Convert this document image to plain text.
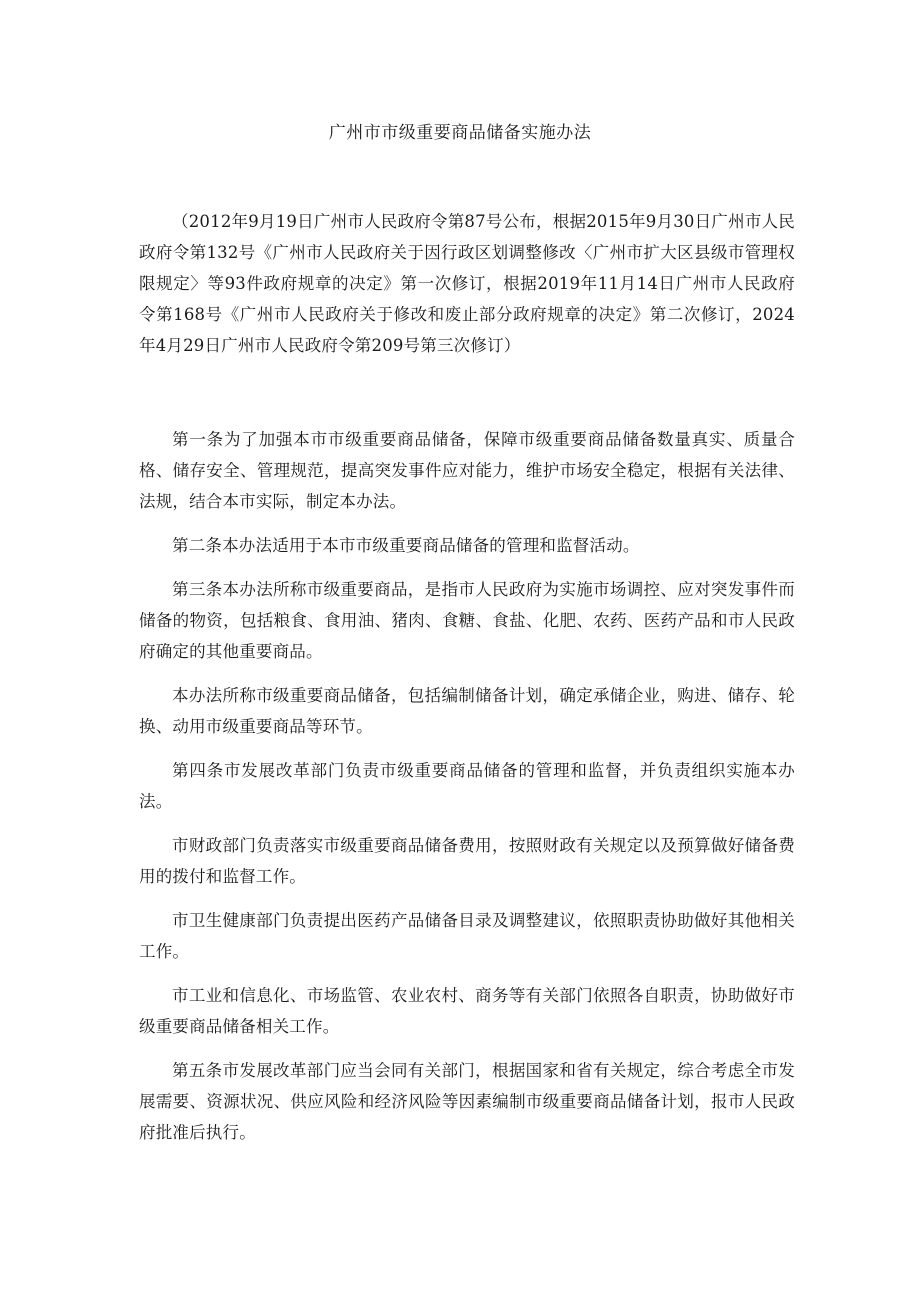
广州市市级重要商品储备实施办法
（2012年9月19日广州市人民政府令第87号公布，根据2015年9月30日广州市人民政府令第132号《广州市人民政府关于因行政区划调整修改〈广州市扩大区县级市管理权限规定〉等93件政府规章的决定》第一次修订，根据2019年11月14日广州市人民政府令第168号《广州市人民政府关于修改和废止部分政府规章的决定》第二次修订，2024年4月29日广州市人民政府令第209号第三次修订）

第一条为了加强本市市级重要商品储备，保障市级重要商品储备数量真实、质量合格、储存安全、管理规范，提高突发事件应对能力，维护市场安全稳定，根据有关法律、法规，结合本市实际，制定本办法。

第二条本办法适用于本市市级重要商品储备的管理和监督活动。

第三条本办法所称市级重要商品，是指市人民政府为实施市场调控、应对突发事件而储备的物资，包括粮食、食用油、猪肉、食糖、食盐、化肥、农药、医药产品和市人民政府确定的其他重要商品。

本办法所称市级重要商品储备，包括编制储备计划，确定承储企业，购进、储存、轮换、动用市级重要商品等环节。

第四条市发展改革部门负责市级重要商品储备的管理和监督，并负责组织实施本办法。

市财政部门负责落实市级重要商品储备费用，按照财政有关规定以及预算做好储备费用的拨付和监督工作。

市卫生健康部门负责提出医药产品储备目录及调整建议，依照职责协助做好其他相关工作。

市工业和信息化、市场监管、农业农村、商务等有关部门依照各自职责，协助做好市级重要商品储备相关工作。

第五条市发展改革部门应当会同有关部门，根据国家和省有关规定，综合考虑全市发展需要、资源状况、供应风险和经济风险等因素编制市级重要商品储备计划，报市人民政府批准后执行。
